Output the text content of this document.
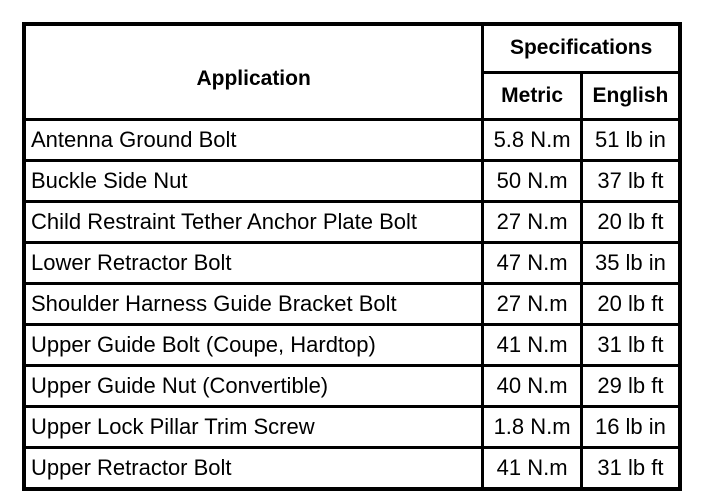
Application	Specifications	
	Metric	English
Antenna Ground Bolt	5.8 N.m	51 lb in
Buckle Side Nut	50 N.m	37 lb ft
Child Restraint Tether Anchor Plate Bolt	27 N.m	20 lb ft
Lower Retractor Bolt	47 N.m	35 lb in
Shoulder Harness Guide Bracket Bolt	27 N.m	20 lb ft
Upper Guide Bolt (Coupe, Hardtop)	41 N.m	31 lb ft
Upper Guide Nut (Convertible)	40 N.m	29 lb ft
Upper Lock Pillar Trim Screw	1.8 N.m	16 lb in
Upper Retractor Bolt	41 N.m	31 lb ft
